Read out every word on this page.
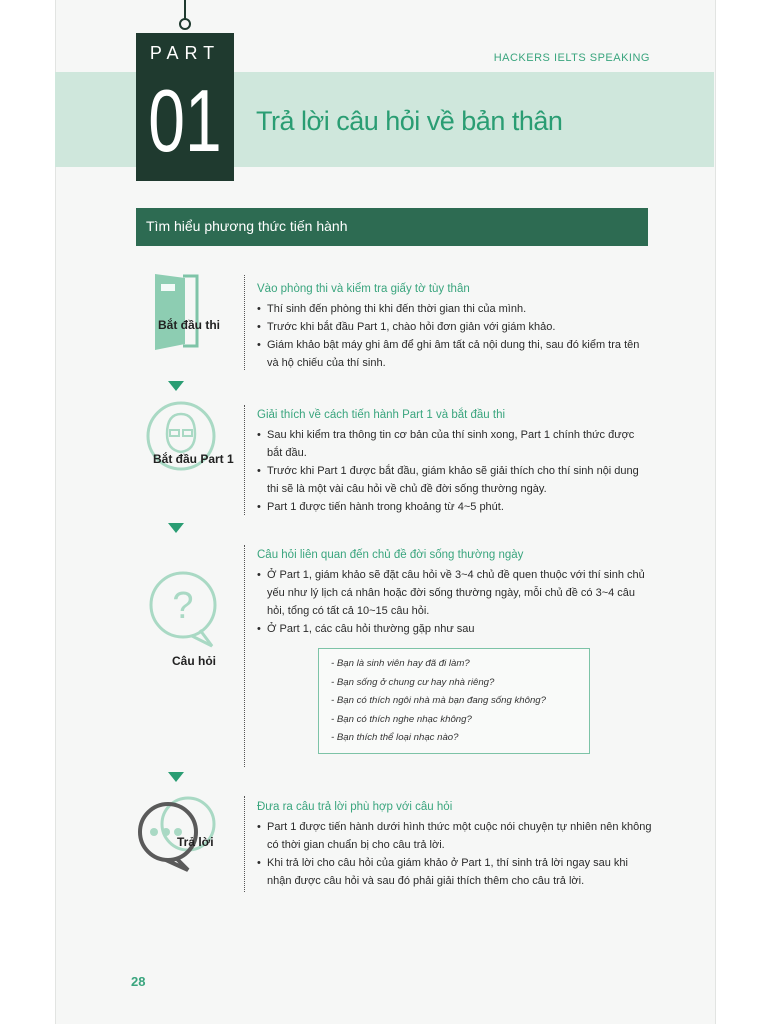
PART
01
HACKERS IELTS SPEAKING
Trả lời câu hỏi về bản thân
Tìm hiểu phương thức tiến hành
Bắt đầu thi
Bắt đầu Part 1
?
Câu hỏi
Trả lời
Vào phòng thi và kiểm tra giấy tờ tùy thân
• Thí sinh đến phòng thi khi đến thời gian thi của mình.
• Trước khi bắt đầu Part 1, chào hỏi đơn giản với giám khảo.
• Giám khảo bật máy ghi âm để ghi âm tất cả nội dung thi, sau đó kiểm tra tên và hộ chiếu của thí sinh.
Giải thích về cách tiến hành Part 1 và bắt đầu thi
• Sau khi kiểm tra thông tin cơ bản của thí sinh xong, Part 1 chính thức được bắt đầu.
• Trước khi Part 1 được bắt đầu, giám khảo sẽ giải thích cho thí sinh nội dung thi sẽ là một vài câu hỏi về chủ đề đời sống thường ngày.
• Part 1 được tiến hành trong khoảng từ 4~5 phút.
Câu hỏi liên quan đến chủ đề đời sống thường ngày
• Ở Part 1, giám khảo sẽ đặt câu hỏi về 3~4 chủ đề quen thuộc với thí sinh chủ yếu như lý lịch cá nhân hoặc đời sống thường ngày, mỗi chủ đề có 3~4 câu hỏi, tổng có tất cả 10~15 câu hỏi.
• Ở Part 1, các câu hỏi thường gặp như sau
- Bạn là sinh viên hay đã đi làm?
- Bạn sống ở chung cư hay nhà riêng?
- Bạn có thích ngôi nhà mà bạn đang sống không?
- Bạn có thích nghe nhạc không?
- Bạn thích thể loại nhạc nào?
Đưa ra câu trả lời phù hợp với câu hỏi
• Part 1 được tiến hành dưới hình thức một cuộc nói chuyện tự nhiên nên không có thời gian chuẩn bị cho câu trả lời.
• Khi trả lời cho câu hỏi của giám khảo ở Part 1, thí sinh trả lời ngay sau khi nhận được câu hỏi và sau đó phải giải thích thêm cho câu trả lời.
28
